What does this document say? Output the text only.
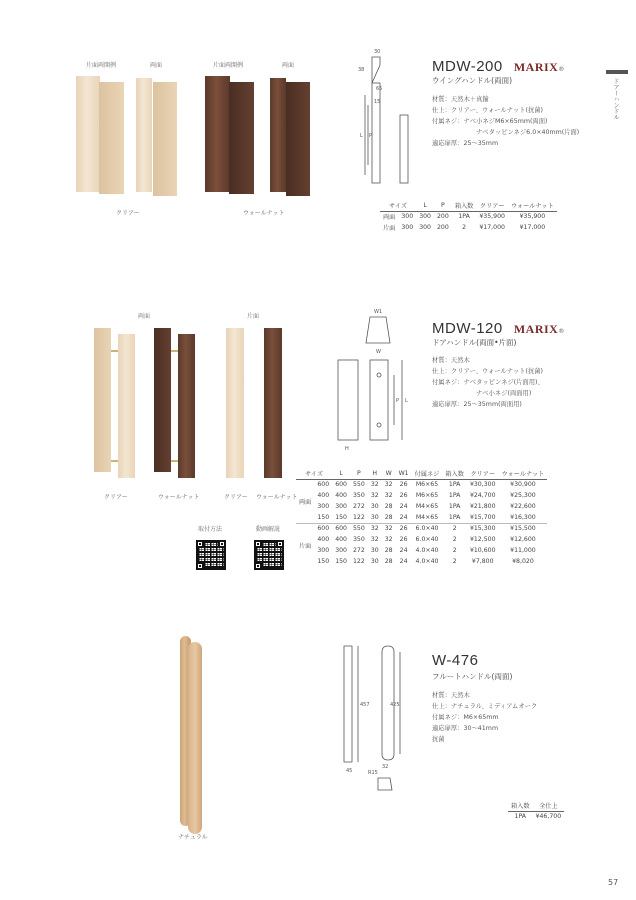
ドアーハンドル
片面両開例	両面	片面両開例	両面
クリアー	ウォールナット
30
38
65
15
L P
MDW-200 MARIX®
ウイングハンドル(両面)
材質：天然木＋真鍮
仕上：クリアー、ウォールナット(抗菌)
付属ネジ：ナベ小ネジM6×65mm(両面)
ナベタッピンネジ6.0×40mm(片面)
適応扉厚：25〜35mm
サイズ		L	P	箱入数	クリアー	ウォールナット
両面	300	300	200	1PA	¥35,900	¥35,900
片面	300	300	200	2	¥17,000	¥17,000
両面	片面
クリアー	ウォールナット	クリアー ウォールナット
取付方法	動画解説
W1
W
P L
H
MDW-120 MARIX®
ドアハンドル(両面•片面)
材質：天然木
仕上：クリアー、ウォールナット(抗菌)
付属ネジ：ナベタッピンネジ(片面用)、
ナベ小ネジ(両面用)
適応扉厚：25〜35mm(両面用)
サイズ		L	P	H	W	W1	付属ネジ	箱入数	クリアー	ウォールナット
両面	600	600	550	32	32	26	M6×65	1PA	¥30,300	¥30,900
	400	400	350	32	32	26	M6×65	1PA	¥24,700	¥25,300
	300	300	272	30	28	24	M4×65	1PA	¥21,800	¥22,600
	150	150	122	30	28	24	M4×65	1PA	¥15,700	¥16,300
片面	600	600	550	32	32	26	6.0×40	2	¥15,300	¥15,500
	400	400	350	32	32	26	6.0×40	2	¥12,500	¥12,600
	300	300	272	30	28	24	4.0×40	2	¥10,600	¥11,000
	150	150	122	30	28	24	4.0×40	2	¥7,800	¥8,020
ナチュラル
457	425
32
45	R15
W-476
フルートハンドル(両面)
材質：天然木
仕上：ナチュラル、ミディアムオーク
付属ネジ：M6×65mm
適応扉厚：30〜41mm
抗菌
箱入数	全仕上
1PA	¥46,700
57
